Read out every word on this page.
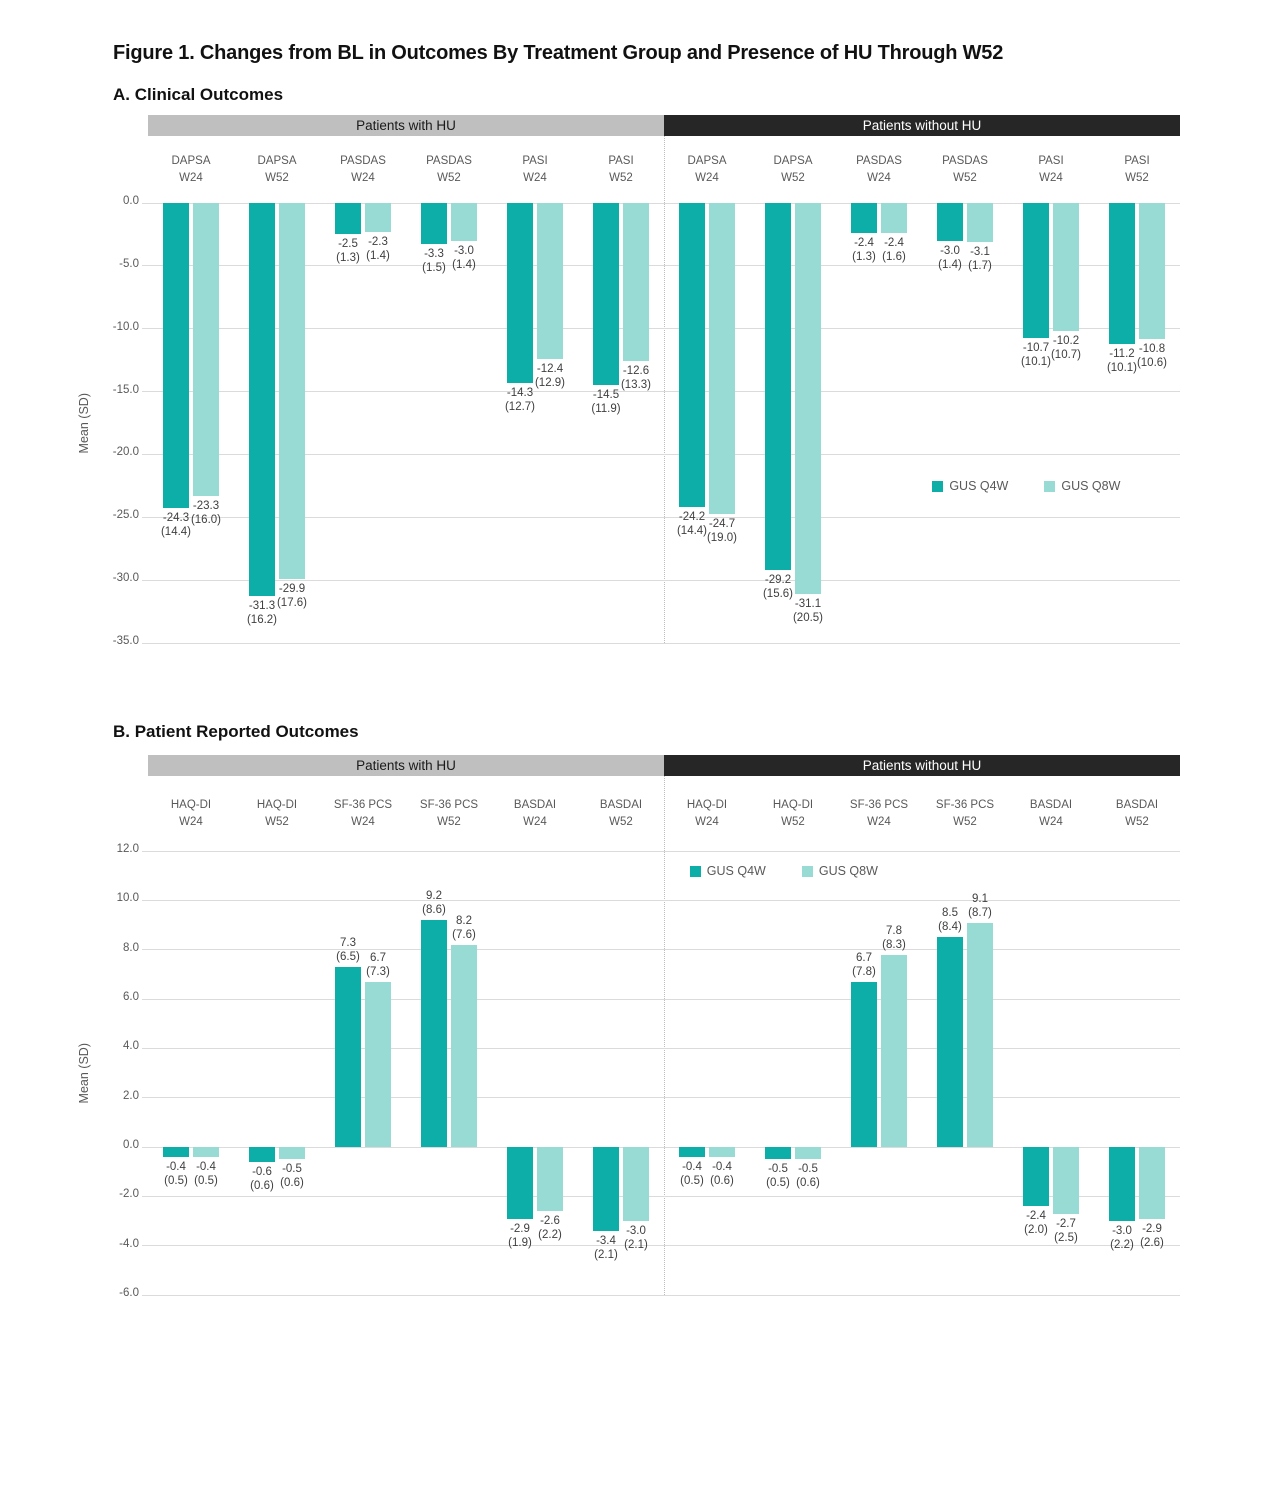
Figure 1. Changes from BL in Outcomes By Treatment Group and Presence of HU Through W52
A. Clinical Outcomes
Patients with HU	Patients without HU
DAPSA
W24
DAPSA
W52
PASDAS
W24
PASDAS
W52
PASI
W24
PASI
W52
DAPSA
W24
DAPSA
W52
PASDAS
W24
PASDAS
W52
PASI
W24
PASI
W52
Mean (SD)
-24.3
(14.4)
-31.3
(16.2)
-2.5
(1.3)	-3.3
(1.5)
-14.3
(12.7)
-14.5
(11.9)
-23.3
(16.0)
-29.9
(17.6)
-2.3
(1.4)	-3.0
(1.4)
-12.4
(12.9)
-12.6
(13.3)
-24.2
(14.4)
-29.2
(15.6)
-2.4
(1.3)
-3.0
(1.4)
-10.7
(10.1)
-11.2
(10.1)
-24.7
(19.0)
-31.1
(20.5)
-2.4
(1.6)	-3.1
(1.7)
-10.2
(10.7)
-10.8
(10.6)
GUS Q4W	GUS Q8W
0.0
-5.0
-10.0
-15.0
-20.0
-25.0
-30.0
-35.0
B. Patient Reported Outcomes
Patients with HU	Patients without HU
HAQ-DI
W24
HAQ-DI
W52
SF-36 PCS
W24
SF-36 PCS
W52
BASDAI
W24
BASDAI
W52
HAQ-DI
W24
HAQ-DI
W52
SF-36 PCS
W24
SF-36 PCS
W52
BASDAI
W24
BASDAI
W52
Mean (SD)
-0.4
(0.5)
-0.6
(0.6)
7.3
(6.5)
9.2
(8.6)
-2.9
(1.9)	-3.4
(2.1)
-0.4
(0.5)
-0.5
(0.6)
6.7
(7.3)
8.2
(7.6)
-2.6
(2.2)	-3.0
(2.1)
-0.4
(0.5)
-0.5
(0.5)
6.7
(7.8)
8.5
(8.4)
-2.4
(2.0)	-3.0
(2.2)
-0.4
(0.6)
-0.5
(0.6)
7.8
(8.3)
9.1
(8.7)
-2.7
(2.5)
-2.9
(2.6)
GUS Q4W	GUS Q8W
12.0
10.0
8.0
6.0
4.0
2.0
0.0
-2.0
-4.0
-6.0
